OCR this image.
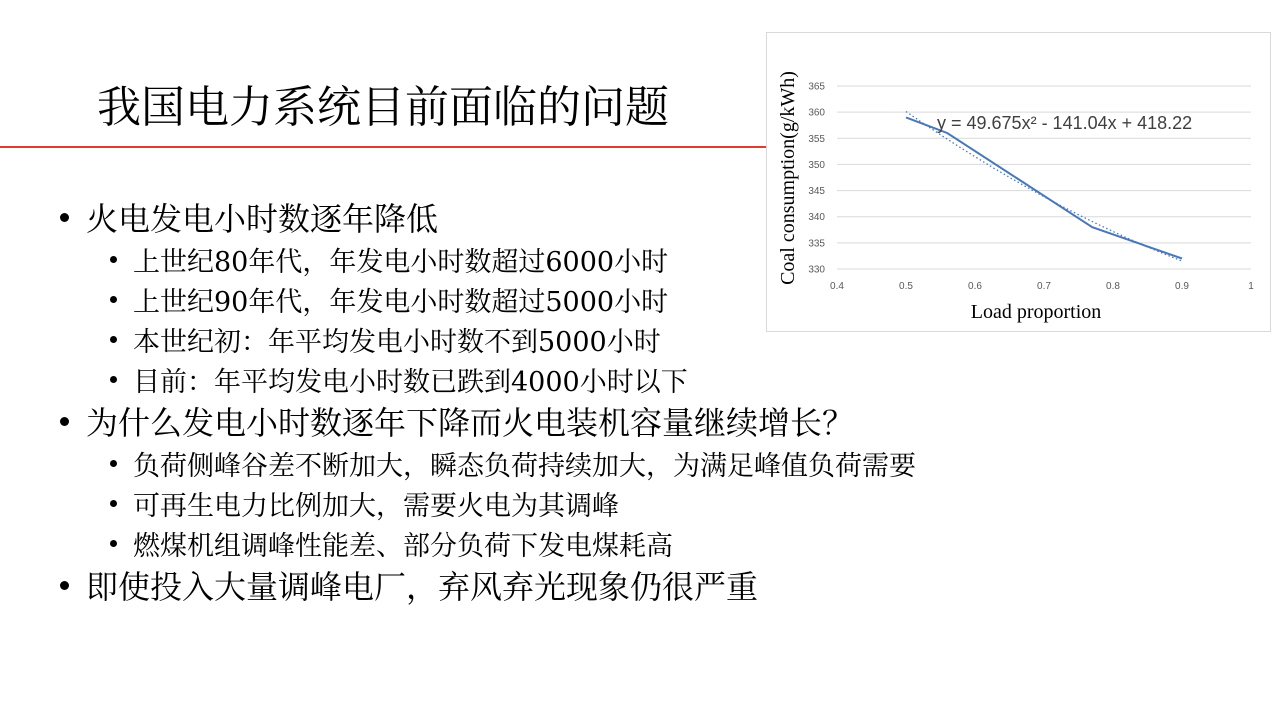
我国电力系统目前面临的问题
火电发电小时数逐年降低
上世纪80年代，年发电小时数超过6000小时
上世纪90年代，年发电小时数超过5000小时
本世纪初：年平均发电小时数不到5000小时
目前：年平均发电小时数已跌到4000小时以下
为什么发电小时数逐年下降而火电装机容量继续增长？
负荷侧峰谷差不断加大，瞬态负荷持续加大，为满足峰值负荷需要
可再生电力比例加大，需要火电为其调峰
燃煤机组调峰性能差、部分负荷下发电煤耗高
即使投入大量调峰电厂，弃风弃光现象仍很严重
330
335
340
345
350
355
360
365
0.4	0.5	0.6	0.7	0.8	0.9	1
y = 49.675x² - 141.04x + 418.22
Load proportion
Coal consumption(g/kWh)
